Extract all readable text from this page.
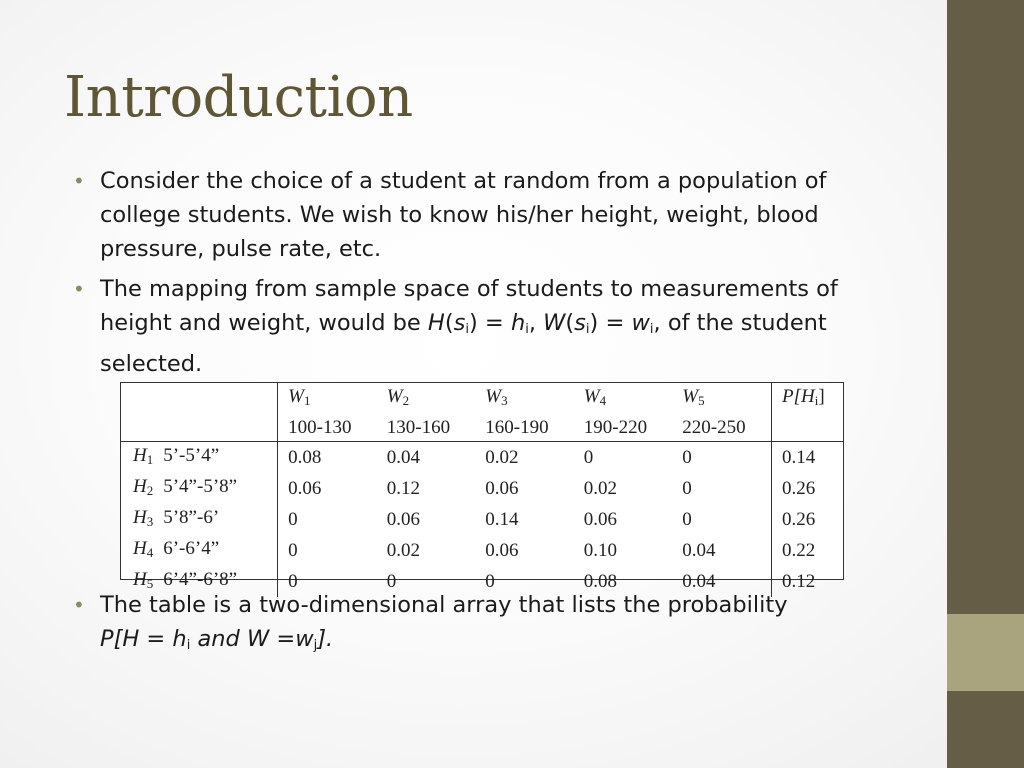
Introduction
• Consider the choice of a student at random from a population of college students. We wish to know his/her height, weight, blood pressure, pulse rate, etc.
• The mapping from sample space of students to measurements of height and weight, would be $H(s_i) = h_i$, $W(s_i) = w_i$, of the student selected.
	$W_1$	$W_2$	$W_3$	$W_4$	$W_5$	$P[H_i]$
	100-130	130-160	160-190	190-220	220-250	
$H_1$ 5’-5’4”	0.08	0.04	0.02	0	0	0.14
$H_2$ 5’4”-5’8”	0.06	0.12	0.06	0.02	0	0.26
$H_3$ 5’8”-6’	0	0.06	0.14	0.06	0	0.26
$H_4$ 6’-6’4”	0	0.02	0.06	0.10	0.04	0.22
$H_5$ 6’4”-6’8”	0	0	0	0.08	0.04	0.12
• The table is a two-dimensional array that lists the probability
$P[H = h_i$ and $W =w_j$].
